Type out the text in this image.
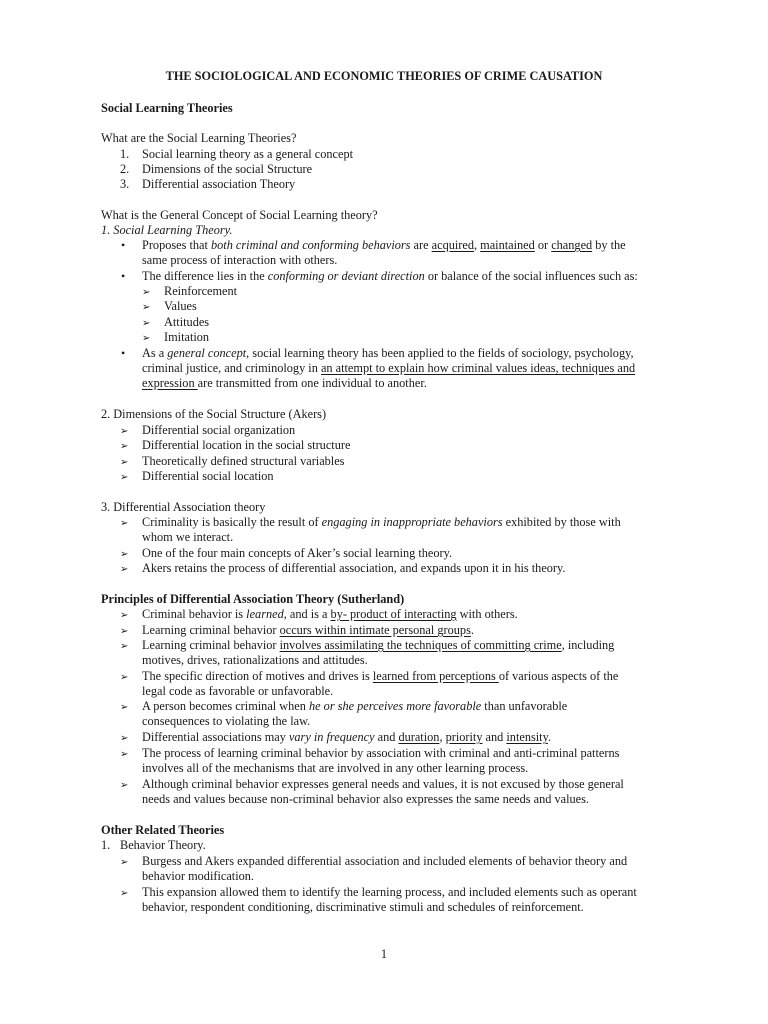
THE SOCIOLOGICAL AND ECONOMIC THEORIES OF CRIME CAUSATION
Social Learning Theories
What are the Social Learning Theories?
1. Social learning theory as a general concept
2. Dimensions of the social Structure
3. Differential association Theory
What is the General Concept of Social Learning theory?
1. Social Learning Theory.
• Proposes that both criminal and conforming behaviors are acquired, maintained or changed by the
same process of interaction with others.
• The difference lies in the conforming or deviant direction or balance of the social influences such as:
➢ Reinforcement
➢ Values
➢ Attitudes
➢ Imitation
• As a general concept, social learning theory has been applied to the fields of sociology, psychology,
criminal justice, and criminology in an attempt to explain how criminal values ideas, techniques and
expression are transmitted from one individual to another.
2. Dimensions of the Social Structure (Akers)
➢ Differential social organization
➢ Differential location in the social structure
➢ Theoretically defined structural variables
➢ Differential social location
3. Differential Association theory
➢ Criminality is basically the result of engaging in inappropriate behaviors exhibited by those with
whom we interact.
➢ One of the four main concepts of Aker’s social learning theory.
➢ Akers retains the process of differential association, and expands upon it in his theory.
Principles of Differential Association Theory (Sutherland)
➢ Criminal behavior is learned, and is a by- product of interacting with others.
➢ Learning criminal behavior occurs within intimate personal groups.
➢ Learning criminal behavior involves assimilating the techniques of committing crime, including
motives, drives, rationalizations and attitudes.
➢ The specific direction of motives and drives is learned from perceptions of various aspects of the
legal code as favorable or unfavorable.
➢ A person becomes criminal when he or she perceives more favorable than unfavorable
consequences to violating the law.
➢ Differential associations may vary in frequency and duration, priority and intensity.
➢ The process of learning criminal behavior by association with criminal and anti-criminal patterns
involves all of the mechanisms that are involved in any other learning process.
➢ Although criminal behavior expresses general needs and values, it is not excused by those general
needs and values because non-criminal behavior also expresses the same needs and values.
Other Related Theories
1. Behavior Theory.
➢ Burgess and Akers expanded differential association and included elements of behavior theory and
behavior modification.
➢ This expansion allowed them to identify the learning process, and included elements such as operant
behavior, respondent conditioning, discriminative stimuli and schedules of reinforcement.
1
